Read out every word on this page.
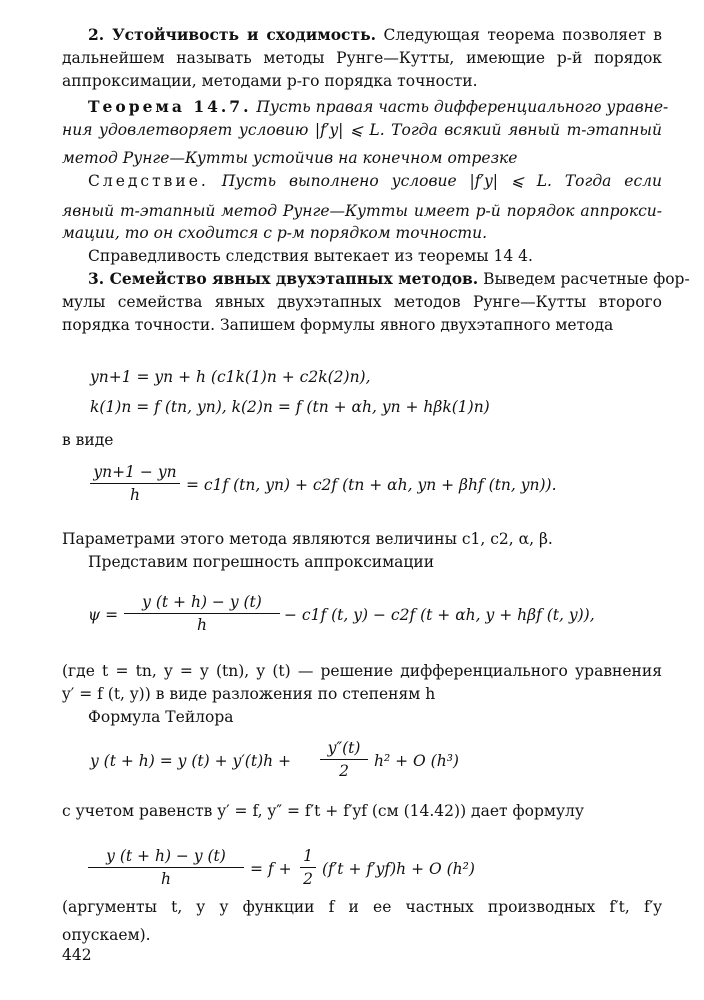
2. Устойчивость и сходимость. Следующая теорема позволяет в
дальнейшем называть методы Рунге—Кутты, имеющие p-й порядок
аппроксимации, методами p-го порядка точности.
Теорема 14.7. Пусть правая часть дифференциального уравне-
ния удовлетворяет условию |f′y| ⩽ L. Тогда всякий явный m-этапный
метод Рунге—Кутты устойчив на конечном отрезке
Следствие. Пусть выполнено условие |f′y| ⩽ L. Тогда если
явный m-этапный метод Рунге—Кутты имеет p-й порядок аппрокси-
мации, то он сходится с p-м порядком точности.
Справедливость следствия вытекает из теоремы 14 4.
3. Семейство явных двухэтапных методов. Выведем расчетные фор-
мулы семейства явных двухэтапных методов Рунге—Кутты второго
порядка точности. Запишем формулы явного двухэтапного метода
yn+1 = yn + h (c1k(1)n + c2k(2)n),
k(1)n = f (tn, yn), k(2)n = f (tn + αh, yn + hβk(1)n)
в виде
yn+1 − yn
h
= c1f (tn, yn) + c2f (tn + αh, yn + βhf (tn, yn)).
Параметрами этого метода являются величины c1, c2, α, β.
Представим погрешность аппроксимации
ψ =
y (t + h) − y (t)
h
− c1f (t, y) − c2f (t + αh, y + hβf (t, y)),
(где t = tn, y = y (tn), y (t) — решение дифференциального уравнения
y′ = f (t, y)) в виде разложения по степеням h
Формула Тейлора
y (t + h) = y (t) + y′(t)h +
y″(t)
2
h² + O (h³)
с учетом равенств y′ = f, y″ = f′t + f′yf (см (14.42)) дает формулу
y (t + h) − y (t)
h
= f +
1
2
(f′t + f′yf)h + O (h²)
(аргументы t, y у функции f и ее частных производных f′t, f′y
опускаем).
442
